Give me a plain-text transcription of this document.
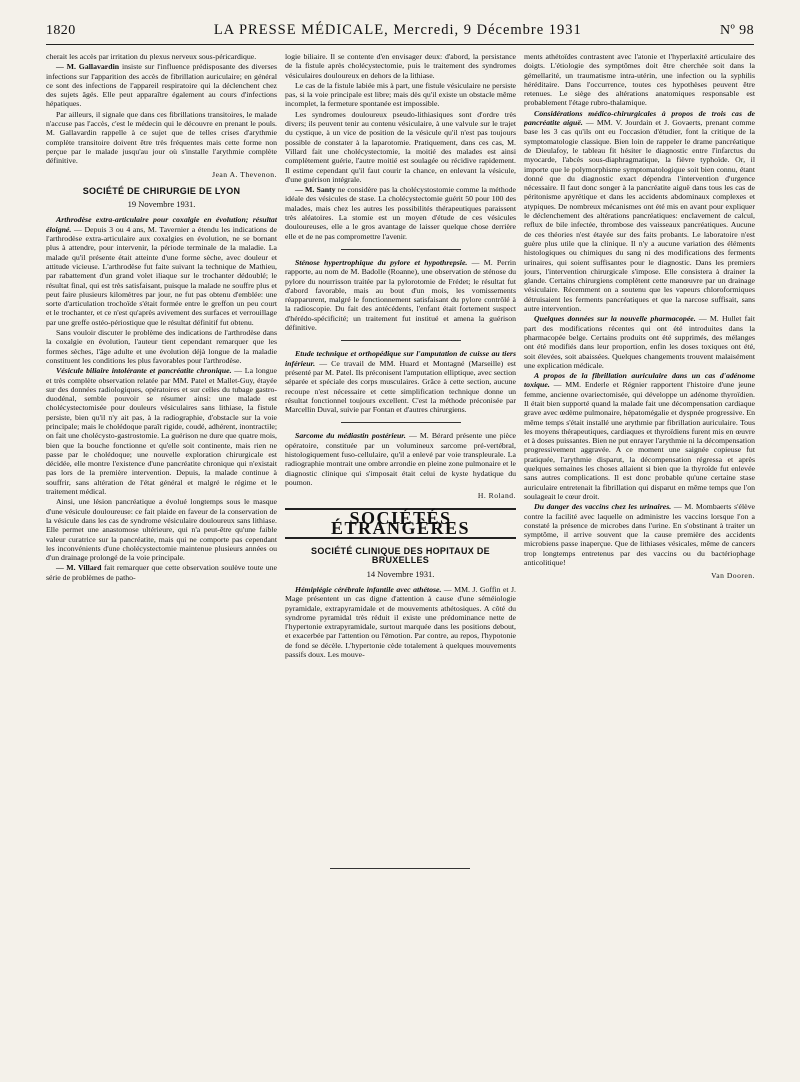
1820	LA PRESSE MÉDICALE, Mercredi, 9 Décembre 1931	Nº 98

cherait les accès par irritation du plexus nerveux sous-péricardique.

— M. Gallavardin insiste sur l'influence prédisposante des diverses infections sur l'apparition des accès de fibrillation auriculaire; en général ce sont des infections de l'appareil respiratoire qui la déclenchent chez des sujets âgés. Elle peut apparaître également au cours d'infections hépatiques.

Par ailleurs, il signale que dans ces fibrillations transitoires, le malade n'accuse pas l'accès, c'est le médecin qui le découvre en prenant le pouls. M. Gallavardin rappelle à ce sujet que de telles crises d'arythmie complète transitoire doivent être très fréquentes mais cette forme non perçue par le malade jusqu'au jour où s'installe l'arythmie complète définitive.

Jean A. Thevenon.
SOCIÉTÉ DE CHIRURGIE DE LYON
19 Novembre 1931.

Arthrodèse extra-articulaire pour coxalgie en évolution; résultat éloigné. — Depuis 3 ou 4 ans, M. Tavernier a étendu les indications de l'arthrodèse extra-articulaire aux coxalgies en évolution, ne se bornant plus à attendre, pour intervenir, la période terminale de la maladie. La malade qu'il présente était atteinte d'une forme sèche, avec douleur et attitude vicieuse. L'arthrodèse fut faite suivant la technique de Mathieu, par rabattement d'un grand volet iliaque sur le trochanter dédoublé; le résultat final, qui est très satisfaisant, puisque la malade ne souffre plus et peut faire plusieurs kilomètres par jour, ne fut pas obtenu d'emblée: une sorte d'articulation trochoïde s'était formée entre le greffon un peu court et le trochanter, et ce n'est qu'après avivement des surfaces et verrouillage par une greffe ostéo-périostique que le résultat définitif fut obtenu.

Sans vouloir discuter le problème des indications de l'arthrodèse dans la coxalgie en évolution, l'auteur tient cependant remarquer que les formes sèches, l'âge adulte et une évolution déjà longue de la maladie constituent les conditions les plus favorables pour l'arthrodèse.

Vésicule biliaire intolérante et pancréatite chronique. — La longue et très complète observation relatée par MM. Patel et Mallet-Guy, étayée sur des données radiologiques, opératoires et sur celles du tubage gastro-duodénal, semble pouvoir se résumer ainsi: une malade est cholécystectomisée pour douleurs vésiculaires sans lithiase, la fistule persiste, bien qu'il n'y ait pas, à la radiographie, d'obstacle sur la voie principale; mais le cholédoque paraît rigide, coudé, adhérent, inontractile; on fait une cholécysto-gastrostomie. La guérison ne dure que quatre mois, bien que la bouche fonctionne et qu'elle soit continente, mais rien ne passe par le cholédoque; une nouvelle exploration chirurgicale est décidée, elle montre l'existence d'une pancréatite chronique qui n'existait pas lors de la première intervention. Depuis, la malade continue à souffrir, sans altération de l'état général et malgré le régime et le traitement médical.

Ainsi, une lésion pancréatique a évolué longtemps sous le masque d'une vésicule douloureuse: ce fait plaide en faveur de la conservation de la vésicule dans les cas de syndrome vésiculaire douloureux sans lithiase. Elle permet une anastomose ultérieure, qui n'a peut-être qu'une faible valeur curatrice sur la pancréatite, mais qui ne comporte pas cependant les inconvénients d'une cholécystectomie maintenue plusieurs années ou d'un drainage prolongé de la voie principale.

— M. Villard fait remarquer que cette observation soulève toute une série de problèmes de patho-

logie biliaire. Il se contente d'en envisager deux: d'abord, la persistance de la fistule après cholécystectomie, puis le traitement des syndromes vésiculaires douloureux en dehors de la lithiase.

Le cas de la fistule labiée mis à part, une fistule vésiculaire ne persiste pas, si la voie principale est libre; mais dès qu'il existe un obstacle même incomplet, la fermeture spontanée est impossible.

Les syndromes douloureux pseudo-lithiasiques sont d'ordre très divers; ils peuvent tenir au contenu vésiculaire, à une valvule sur le trajet du cystique, à un vice de position de la vésicule qu'il n'est pas toujours possible de constater à la laparotomie. Pratiquement, dans ces cas, M. Villard fait une cholécystectomie, la moitié des malades est ainsi complètement guérie, l'autre moitié est soulagée ou récidive rapidement. Il estime cependant qu'il faut courir la chance, en enlevant la vésicule, d'une guérison intégrale.

— M. Santy ne considère pas la cholécystostomie comme la méthode idéale des vésicules de stase. La cholécystectomie guérit 50 pour 100 des malades, mais chez les autres les possibilités thérapeutiques paraissent très aléatoires. La stomie est un moyen d'étude de ces vésicules douloureuses, elle a le gros avantage de laisser quelque chose derrière elle et de ne pas compromettre l'avenir.

Sténose hypertrophique du pylore et hypothrepsie. — M. Perrin rapporte, au nom de M. Badolle (Roanne), une observation de sténose du pylore du nourrisson traitée par la pylorotomie de Frédet; le résultat fut d'abord favorable, mais au bout d'un mois, les vomissements réapparurent, malgré le fonctionnement satisfaisant du pylore contrôlé à la radioscopie. Du fait des antécédents, l'enfant était fortement suspect d'hérédo-spécificité; un traitement fut institué et amena la guérison définitive.

Etude technique et orthopédique sur l'amputation de cuisse au tiers inférieur. — Ce travail de MM. Huard et Montagné (Marseille) est présenté par M. Patel. Ils préconisent l'amputation elliptique, avec section séparée et spéciale des corps musculaires. Grâce à cette section, aucune recoupe n'est nécessaire et cette simplification technique donne un résultat fonctionnel toujours excellent. C'est la méthode préconisée par Marcellin Duval, suivie par Fontan et d'autres chirurgiens.

Sarcome du médiastin postérieur. — M. Bérard présente une pièce opératoire, constituée par un volumineux sarcome pré-vertébral, histologiquement fuso-cellulaire, qu'il a enlevé par voie transpleurale. La radiographie montrait une ombre arrondie en pleine zone pulmonaire et le diagnostic clinique qui s'imposait était celui de kyste hydatique du poumon.

H. Roland.
SOCIÉTÉS ÉTRANGÈRES
SOCIÉTÉ CLINIQUE DES HOPITAUX DE BRUXELLES
14 Novembre 1931.

Hémiplégie cérébrale infantile avec athétose. — MM. J. Goffin et J. Mage présentent un cas digne d'attention à cause d'une séméiologie pyramidale, extrapyramidale et de mouvements athétosiques. A côté du syndrome pyramidal très réduit il existe une prédominance nette de l'hypertonie extrapyramidale, surtout marquée dans les positions debout, et exacerbée par l'attention ou l'émotion. Par contre, au repos, l'hypotonie de fond se décèle. L'hypertonie cède totalement à quelques mouvements passifs doux. Les mouve-

ments athétoïdes contrastent avec l'atonie et l'hyperlaxité articulaire des doigts. L'étiologie des symptômes doit être cherchée soit dans la gémellarité, un traumatisme intra-utérin, une infection ou la syphilis héréditaire. Dans l'occurrence, toutes ces hypothèses peuvent être retenues. Le siège des altérations anatomiques responsable est probablement l'étage rubro-thalamique.

Considérations médico-chirurgicales à propos de trois cas de pancréatite aiguë. — MM. V. Jourdain et J. Govaerts, prenant comme base les 3 cas qu'ils ont eu l'occasion d'étudier, font la critique de la symptomatologie classique. Bien loin de rappeler le drame pancréatique de Dieulafoy, le tableau fit hésiter le diagnostic entre l'infarctus du myocarde, l'abcès sous-diaphragmatique, la fièvre typhoïde. Or, il importe que le polymorphisme symptomatologique soit bien connu, étant donné que du diagnostic exact dépendra l'intervention d'urgence nécessaire. Il faut donc songer à la pancréatite aiguë dans tous les cas de péritonisme apyrétique et dans les accidents abdominaux complexes et atypiques. De nombreux mécanismes ont été mis en avant pour expliquer le déclenchement des altérations pancréatiques: enclavement de calcul, reflux de bile infectée, thrombose des vaisseaux pancréatiques. Aucune de ces théories n'est étayée sur des faits probants. Le laboratoire n'est guère plus utile que la clinique. Il n'y a aucune variation des éléments histologiques ou chimiques du sang ni des modifications des ferments urinaires, qui soient suffisantes pour le diagnostic. Dans les premiers jours, l'intervention chirurgicale s'impose. Elle consistera à drainer la glande. Certains chirurgiens complètent cette manœuvre par un drainage vésiculaire. Récemment on a soutenu que les vapeurs chloroformiques détruisaient les ferments pancréatiques et que la narcose suffisait, sans autre intervention.

Quelques données sur la nouvelle pharmacopée. — M. Hullet fait part des modifications récentes qui ont été introduites dans la pharmacopée belge. Certains produits ont été supprimés, des mélanges ont été modifiés dans leur proportion, enfin les doses toxiques ont été, soit élevées, soit abaissées. Quelques changements trouvent malaisément une explication médicale.

A propos de la fibrillation auriculaire dans un cas d'adénome toxique. — MM. Enderle et Régnier rapportent l'histoire d'une jeune femme, ancienne ovariectomisée, qui développe un adénome thyroïdien. Il était bien supporté quand la malade fait une décompensation cardiaque grave avec œdème pulmonaire, hépatomégalie et dyspnée progressive. En même temps s'était installé une arythmie par fibrillation auriculaire. Tous les moyens thérapeutiques, cardiaques et thyroïdiens furent mis en œuvre et à doses puissantes. Bien ne put enrayer l'arythmie ni la décompensation progressivement aggravée. A ce moment une saignée copieuse fut pratiquée, l'arythmie disparut, la décompensation régressa et après quelques semaines les choses allaient si bien que la thyroïde fut enlevée sans autres complications. Il est donc probable qu'une certaine stase auriculaire entretenait la fibrillation qui disparut en même temps que l'on soulageait le cœur droit.

Du danger des vaccins chez les urinaires. — M. Mombaerts s'élève contre la facilité avec laquelle on administre les vaccins lorsque l'on a constaté la présence de microbes dans l'urine. En s'obstinant à traiter un symptôme, il arrive souvent que la cause première des accidents microbiens passe inaperçue. Que de lithiases vésicales, même de cancers trop longtemps entretenus par des vaccins ou du bactériophage anticolitique!

Van Dooren.
